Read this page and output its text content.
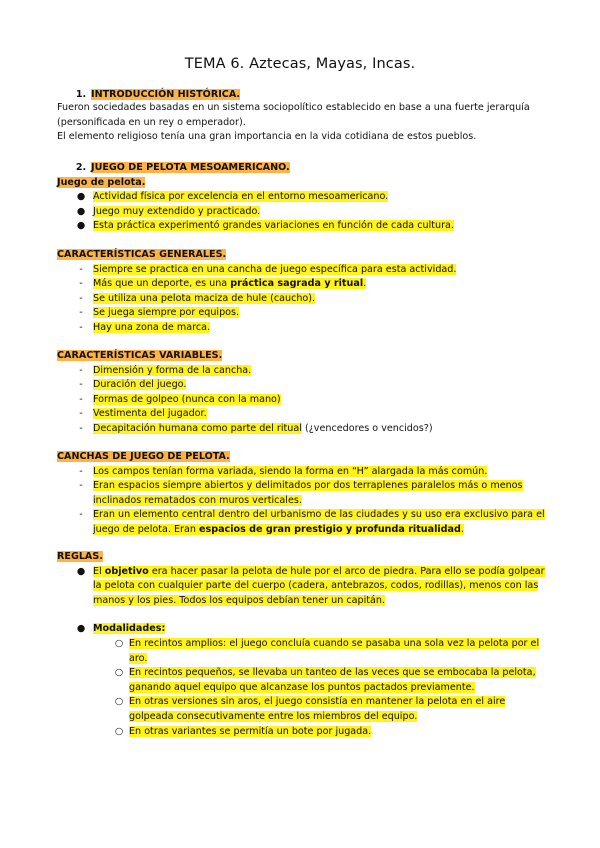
TEMA 6. Aztecas, Mayas, Incas.
1. INTRODUCCIÓN HISTÓRICA.

Fueron sociedades basadas en un sistema sociopolítico establecido en base a una fuerte jerarquía (personificada en un rey o emperador).

El elemento religioso tenía una gran importancia en la vida cotidiana de estos pueblos.

2. JUEGO DE PELOTA MESOAMERICANO.
Juego de pelota.
● Actividad física por excelencia en el entorno mesoamericano.
● Juego muy extendido y practicado.
● Esta práctica experimentó grandes variaciones en función de cada cultura.
CARACTERÍSTICAS GENERALES.
-	Siempre se practica en una cancha de juego específica para esta actividad.
-	Más que un deporte, es una práctica sagrada y ritual.
-	Se utiliza una pelota maciza de hule (caucho).
-	Se juega siempre por equipos.
-	Hay una zona de marca.
CARACTERÍSTICAS VARIABLES.
-	Dimensión y forma de la cancha.
-	Duración del juego.
-	Formas de golpeo (nunca con la mano)
-	Vestimenta del jugador.
-	Decapitación humana como parte del ritual (¿vencedores o vencidos?)
CANCHAS DE JUEGO DE PELOTA.
-	Los campos tenían forma variada, siendo la forma en “H” alargada la más común.
-	Eran espacios siempre abiertos y delimitados por dos terraplenes paralelos más o menos inclinados rematados con muros verticales.
-	Eran un elemento central dentro del urbanismo de las ciudades y su uso era exclusivo para el juego de pelota. Eran espacios de gran prestigio y profunda ritualidad.
REGLAS.
● El objetivo era hacer pasar la pelota de hule por el arco de piedra. Para ello se podía golpear la pelota con cualquier parte del cuerpo (cadera, antebrazos, codos, rodillas), menos con las manos y los pies. Todos los equipos debían tener un capitán.
● Modalidades:
○ En recintos amplios: el juego concluía cuando se pasaba una sola vez la pelota por el aro.
○ En recintos pequeños, se llevaba un tanteo de las veces que se embocaba la pelota, ganando aquel equipo que alcanzase los puntos pactados previamente.
○ En otras versiones sin aros, el juego consistía en mantener la pelota en el aire golpeada consecutivamente entre los miembros del equipo.
○ En otras variantes se permitía un bote por jugada.
